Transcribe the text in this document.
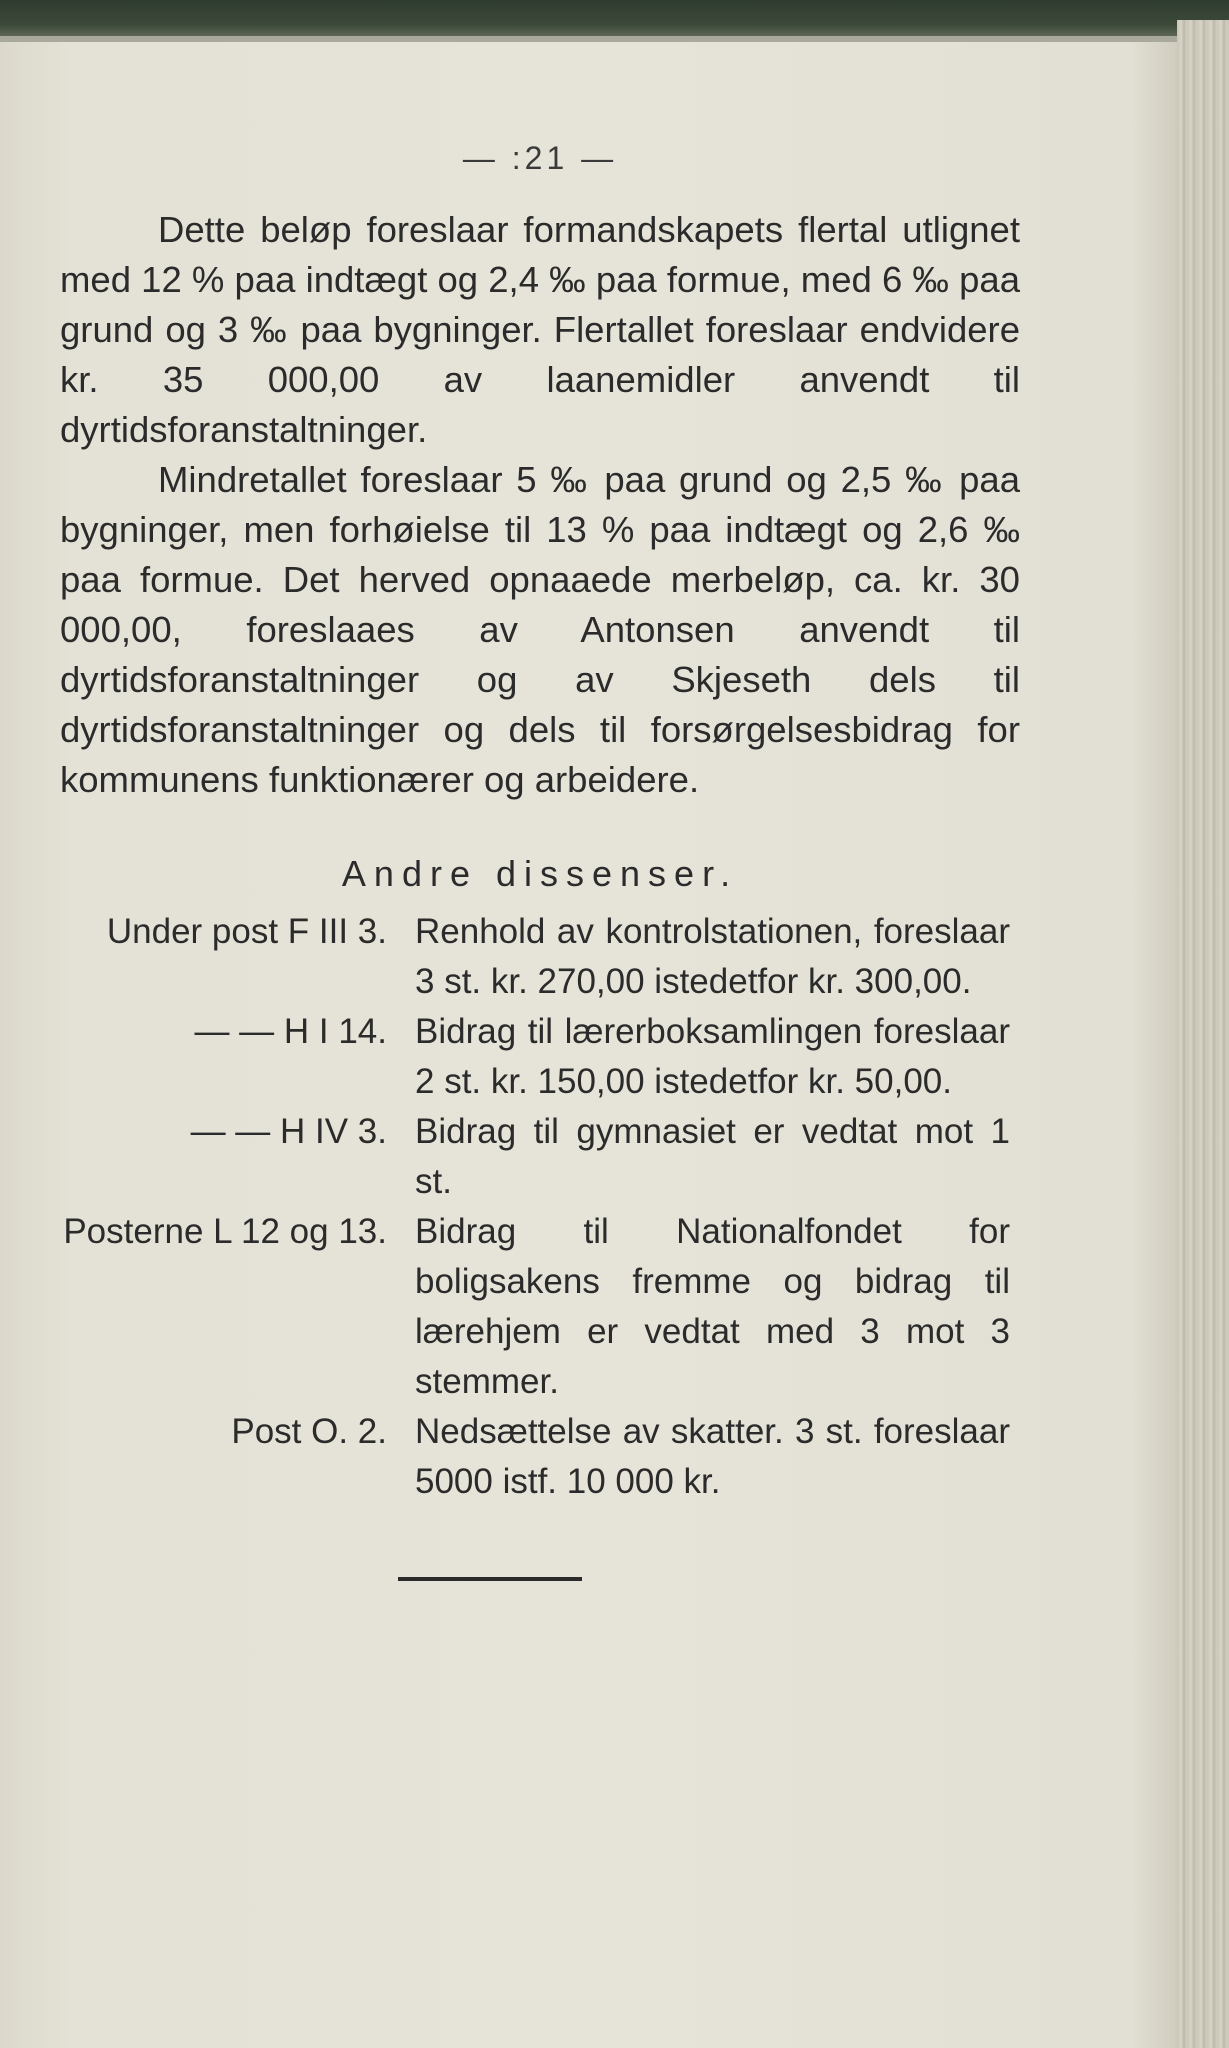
— :21 —

Dette beløp foreslaar formandskapets flertal utlignet med 12 % paa indtægt og 2,4 ‰ paa formue, med 6 ‰ paa grund og 3 ‰ paa bygninger. Flertallet foreslaar endvidere kr. 35 000,00 av laanemidler anvendt til dyrtidsforanstaltninger.

Mindretallet foreslaar 5 ‰ paa grund og 2,5 ‰ paa bygninger, men forhøielse til 13 % paa indtægt og 2,6 ‰ paa formue. Det herved opnaaede merbeløp, ca. kr. 30 000,00, foreslaaes av Antonsen anvendt til dyrtidsforanstaltninger og av Skjeseth dels til dyrtidsforanstaltninger og dels til forsørgelsesbidrag for kommunens funktionærer og arbeidere.

Andre dissenser.
Under post F III 3. Renhold av kontrolstationen, foreslaar 3 st. kr. 270,00 istedetfor kr. 300,00.
— — H I 14. Bidrag til lærerboksamlingen foreslaar 2 st. kr. 150,00 istedetfor kr. 50,00.
— — H IV 3. Bidrag til gymnasiet er vedtat mot 1 st.
Posterne L 12 og 13. Bidrag til Nationalfondet for boligsakens fremme og bidrag til lærehjem er vedtat med 3 mot 3 stemmer.
Post O. 2. Nedsættelse av skatter. 3 st. foreslaar 5000 istf. 10 000 kr.
